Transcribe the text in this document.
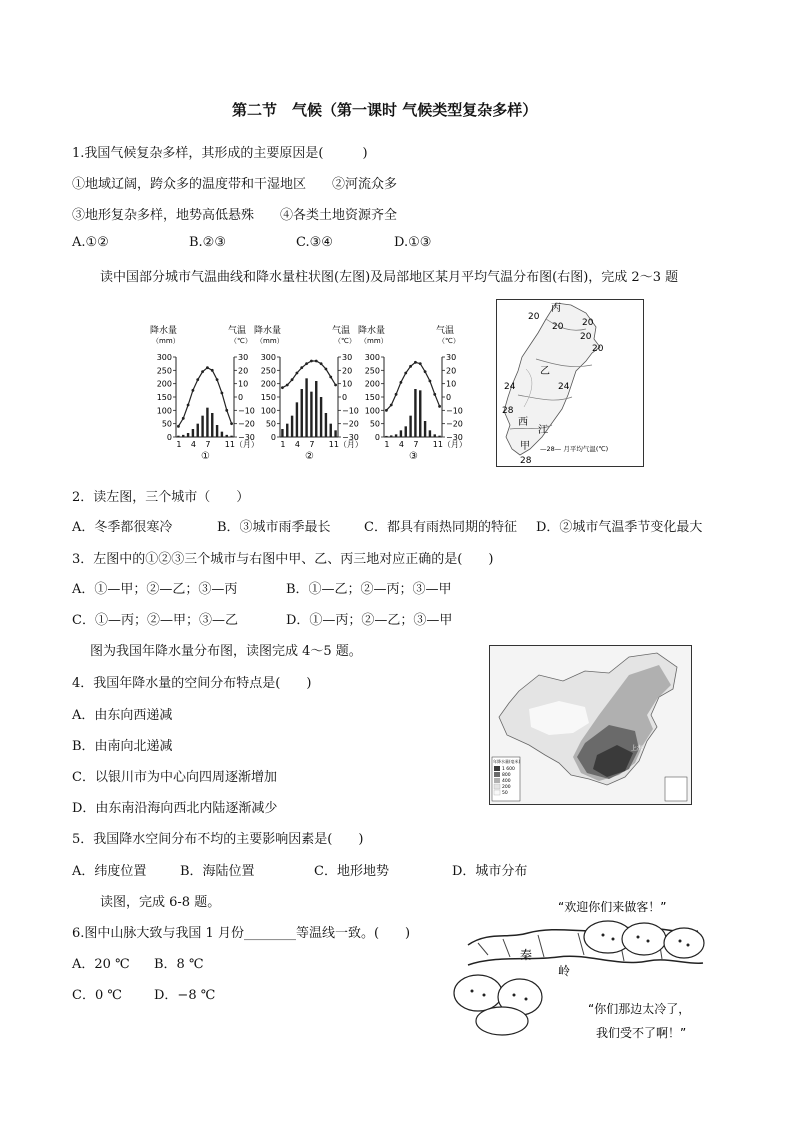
第二节　气候（第一课时 气候类型复杂多样）
1.我国气候复杂多样，其形成的主要原因是(　　　)
①地域辽阔，跨众多的温度带和干湿地区　　②河流众多
③地形复杂多样，地势高低悬殊　　④各类土地资源齐全
A.①②	B.②③	C.③④	D.①③
读中国部分城市气温曲线和降水量柱状图(左图)及局部地区某月平均气温分布图(右图)，完成 2～3 题
降水量
（mm）
气温
（℃）
300
250
200
150
100
50
0
30
20
10
0
−10
−20
−30
1 4 7 11（月）
①
降水量
（mm）
气温
（℃）
300
250
200
150
100
50
0
30
20
10
0
−10
−20
−30
1 4 7 11（月）
②
降水量
（mm）
气温
（℃）
300
250
200
150
100
50
0
30
20
10
0
−10
−20
−30
1 4 7 11（月）
③
丙
20
20 20
20
20
乙
24	24
28
甲
28
西
江
—28— 月平均气温(℃)
2．读左图，三个城市（　　）
A．冬季都很寒冷	B．③城市雨季最长	C．都具有雨热同期的特征 D．②城市气温季节变化最大
3．左图中的①②③三个城市与右图中甲、乙、丙三地对应正确的是(　　)
A．①—甲；②—乙；③—丙	B．①—乙；②—丙；③—甲
C．①—丙；②—甲；③—乙	D．①—丙；②—乙；③—甲
图为我国年降水量分布图，读图完成 4～5 题。
4．我国年降水量的空间分布特点是(　　)
A．由东向西递减
B．由南向北递减
C．以银川市为中心向四周逐渐增加
D．由东南沿海向西北内陆逐渐减少
上海
年降水量(毫米)
1 600
800
400
200
50
5．我国降水空间分布不均的主要影响因素是(　　)
A．纬度位置	B．海陆位置	C．地形地势	D．城市分布
读图，完成 6-8 题。
6.图中山脉大致与我国 1 月份________等温线一致。(　　)
A．20 ℃ B．8 ℃
C．0 ℃ D．−8 ℃
“欢迎你们来做客！”
秦
岭
“你们那边太冷了，
我们受不了啊！”
